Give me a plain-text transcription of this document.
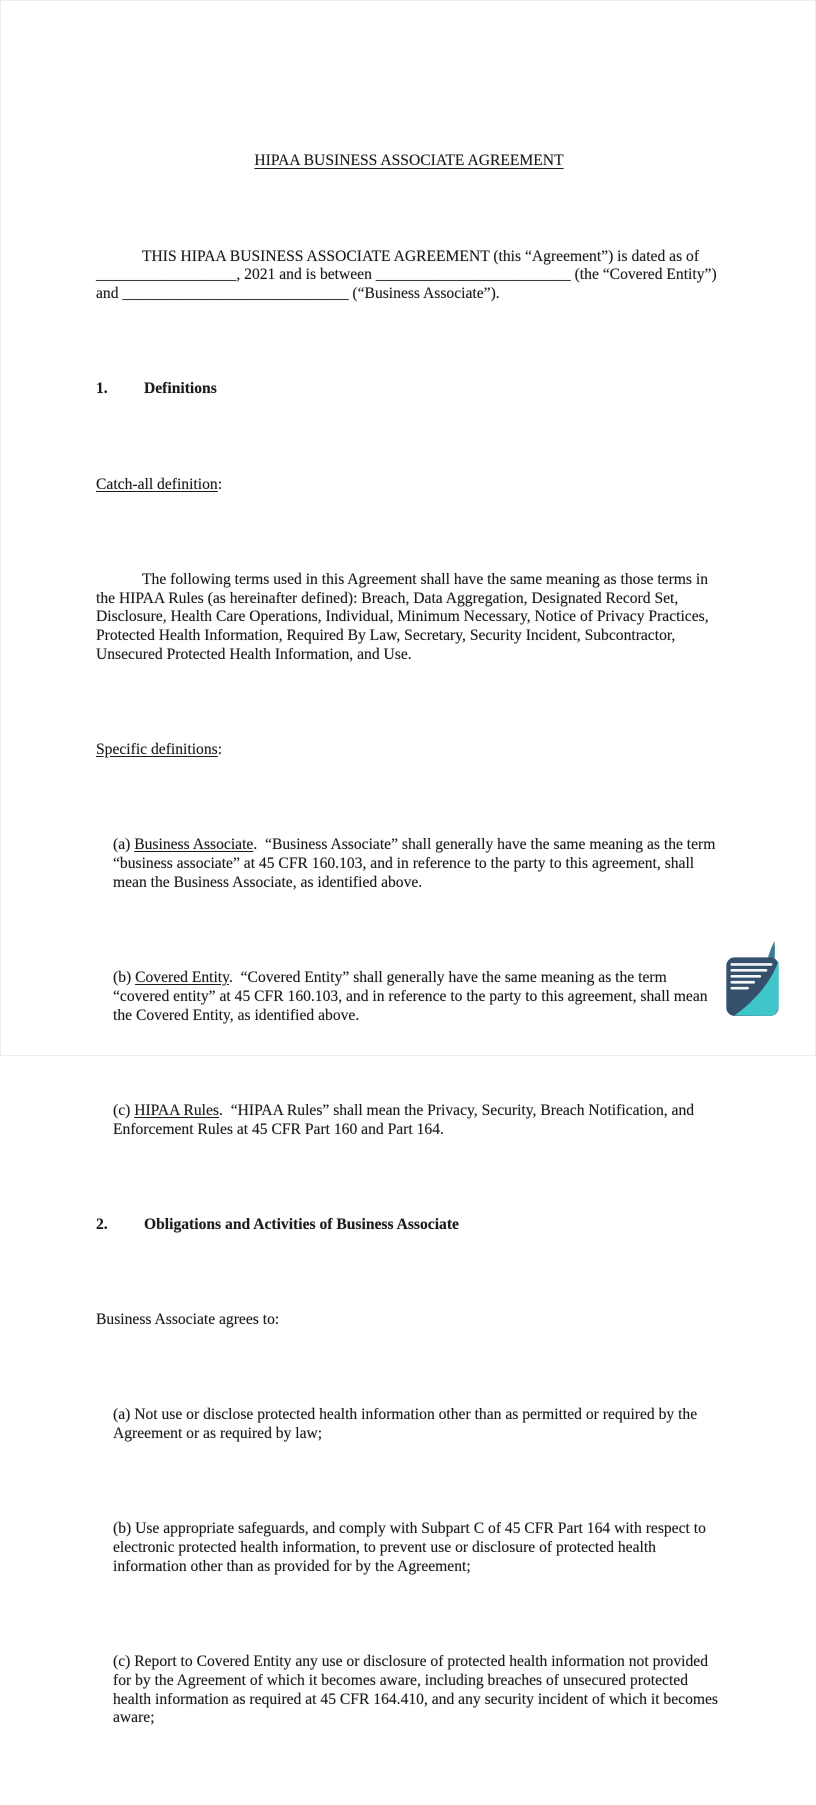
HIPAA BUSINESS ASSOCIATE AGREEMENT

THIS HIPAA BUSINESS ASSOCIATE AGREEMENT (this “Agreement”) is dated as of __________________, 2021 and is between _________________________ (the “Covered Entity”) and _____________________________ (“Business Associate”).

1. Definitions

Catch-all definition:

The following terms used in this Agreement shall have the same meaning as those terms in the HIPAA Rules (as hereinafter defined): Breach, Data Aggregation, Designated Record Set, Disclosure, Health Care Operations, Individual, Minimum Necessary, Notice of Privacy Practices, Protected Health Information, Required By Law, Secretary, Security Incident, Subcontractor, Unsecured Protected Health Information, and Use.

Specific definitions:

(a) Business Associate.  “Business Associate” shall generally have the same meaning as the term “business associate” at 45 CFR 160.103, and in reference to the party to this agreement, shall mean the Business Associate, as identified above.

(b) Covered Entity.  “Covered Entity” shall generally have the same meaning as the term “covered entity” at 45 CFR 160.103, and in reference to the party to this agreement, shall mean the Covered Entity, as identified above.

(c) HIPAA Rules.  “HIPAA Rules” shall mean the Privacy, Security, Breach Notification, and Enforcement Rules at 45 CFR Part 160 and Part 164.

2. Obligations and Activities of Business Associate

Business Associate agrees to:

(a) Not use or disclose protected health information other than as permitted or required by the Agreement or as required by law;

(b) Use appropriate safeguards, and comply with Subpart C of 45 CFR Part 164 with respect to electronic protected health information, to prevent use or disclosure of protected health information other than as provided for by the Agreement;

(c) Report to Covered Entity any use or disclosure of protected health information not provided for by the Agreement of which it becomes aware, including breaches of unsecured protected health information as required at 45 CFR 164.410, and any security incident of which it becomes aware;
